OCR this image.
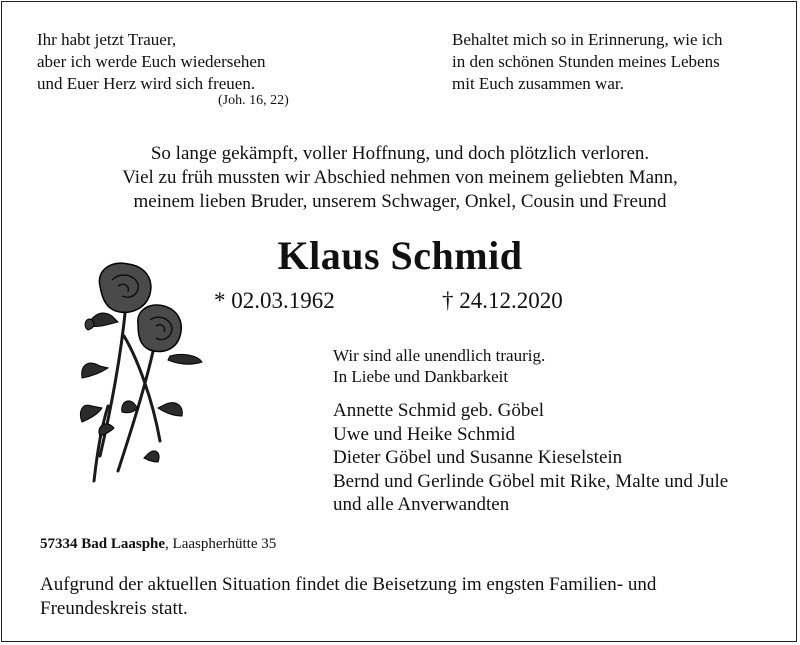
Ihr habt jetzt Trauer,
aber ich werde Euch wiedersehen
und Euer Herz wird sich freuen.
(Joh. 16, 22)
Behaltet mich so in Erinnerung, wie ich
in den schönen Stunden meines Lebens
mit Euch zusammen war.
So lange gekämpft, voller Hoffnung, und doch plötzlich verloren.
Viel zu früh mussten wir Abschied nehmen von meinem geliebten Mann,
meinem lieben Bruder, unserem Schwager, Onkel, Cousin und Freund
Klaus Schmid
* 02.03.1962	† 24.12.2020
Wir sind alle unendlich traurig.
In Liebe und Dankbarkeit
Annette Schmid geb. Göbel
Uwe und Heike Schmid
Dieter Göbel und Susanne Kieselstein
Bernd und Gerlinde Göbel mit Rike, Malte und Jule
und alle Anverwandten
57334 Bad Laasphe, Laaspherhütte 35
Aufgrund der aktuellen Situation findet die Beisetzung im engsten Familien- und
Freundeskreis statt.
